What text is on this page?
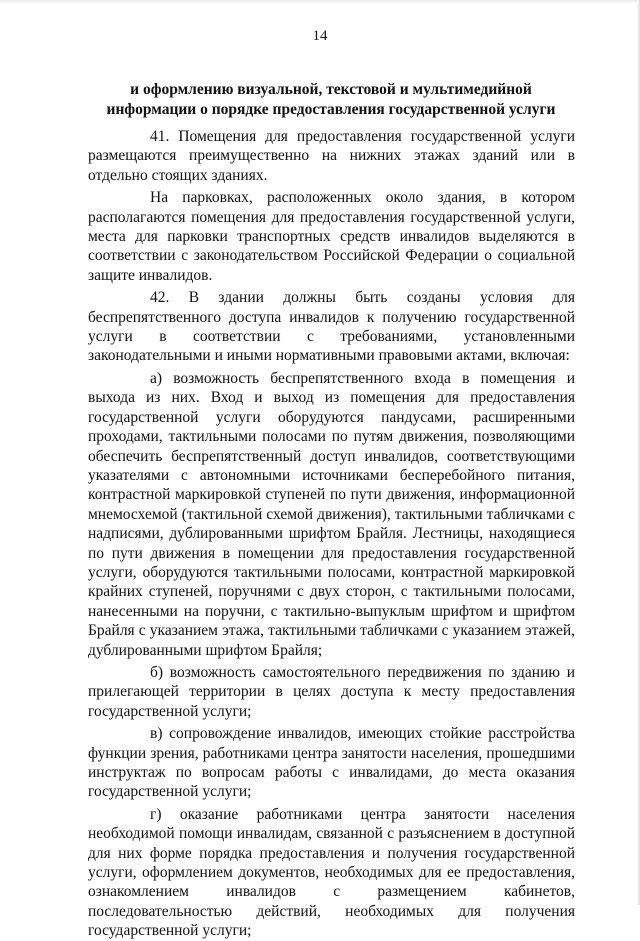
14
и оформлению визуальной, текстовой и мультимедийной информации о порядке предоставления государственной услуги

41. Помещения для предоставления государственной услуги размещаются преимущественно на нижних этажах зданий или в отдельно стоящих зданиях.

На парковках, расположенных около здания, в котором располагаются помещения для предоставления государственной услуги, места для парковки транспортных средств инвалидов выделяются в соответствии с законодательством Российской Федерации о социальной защите инвалидов.

42. В здании должны быть созданы условия для беспрепятственного доступа инвалидов к получению государственной услуги в соответствии с требованиями, установленными законодательными и иными нормативными правовыми актами, включая:

а) возможность беспрепятственного входа в помещения и выхода из них. Вход и выход из помещения для предоставления государственной услуги оборудуются пандусами, расширенными проходами, тактильными полосами по путям движения, позволяющими обеспечить беспрепятственный доступ инвалидов, соответствующими указателями с автономными источниками бесперебойного питания, контрастной маркировкой ступеней по пути движения, информационной мнемосхемой (тактильной схемой движения), тактильными табличками с надписями, дублированными шрифтом Брайля. Лестницы, находящиеся по пути движения в помещении для предоставления государственной услуги, оборудуются тактильными полосами, контрастной маркировкой крайних ступеней, поручнями с двух сторон, с тактильными полосами, нанесенными на поручни, с тактильно-выпуклым шрифтом и шрифтом Брайля с указанием этажа, тактильными табличками с указанием этажей, дублированными шрифтом Брайля;

б) возможность самостоятельного передвижения по зданию и прилегающей территории в целях доступа к месту предоставления государственной услуги;

в) сопровождение инвалидов, имеющих стойкие расстройства функции зрения, работниками центра занятости населения, прошедшими инструктаж по вопросам работы с инвалидами, до места оказания государственной услуги;

г) оказание работниками центра занятости населения необходимой помощи инвалидам, связанной с разъяснением в доступной для них форме порядка предоставления и получения государственной услуги, оформлением документов, необходимых для ее предоставления, ознакомлением инвалидов с размещением кабинетов, последовательностью действий, необходимых для получения государственной услуги;
